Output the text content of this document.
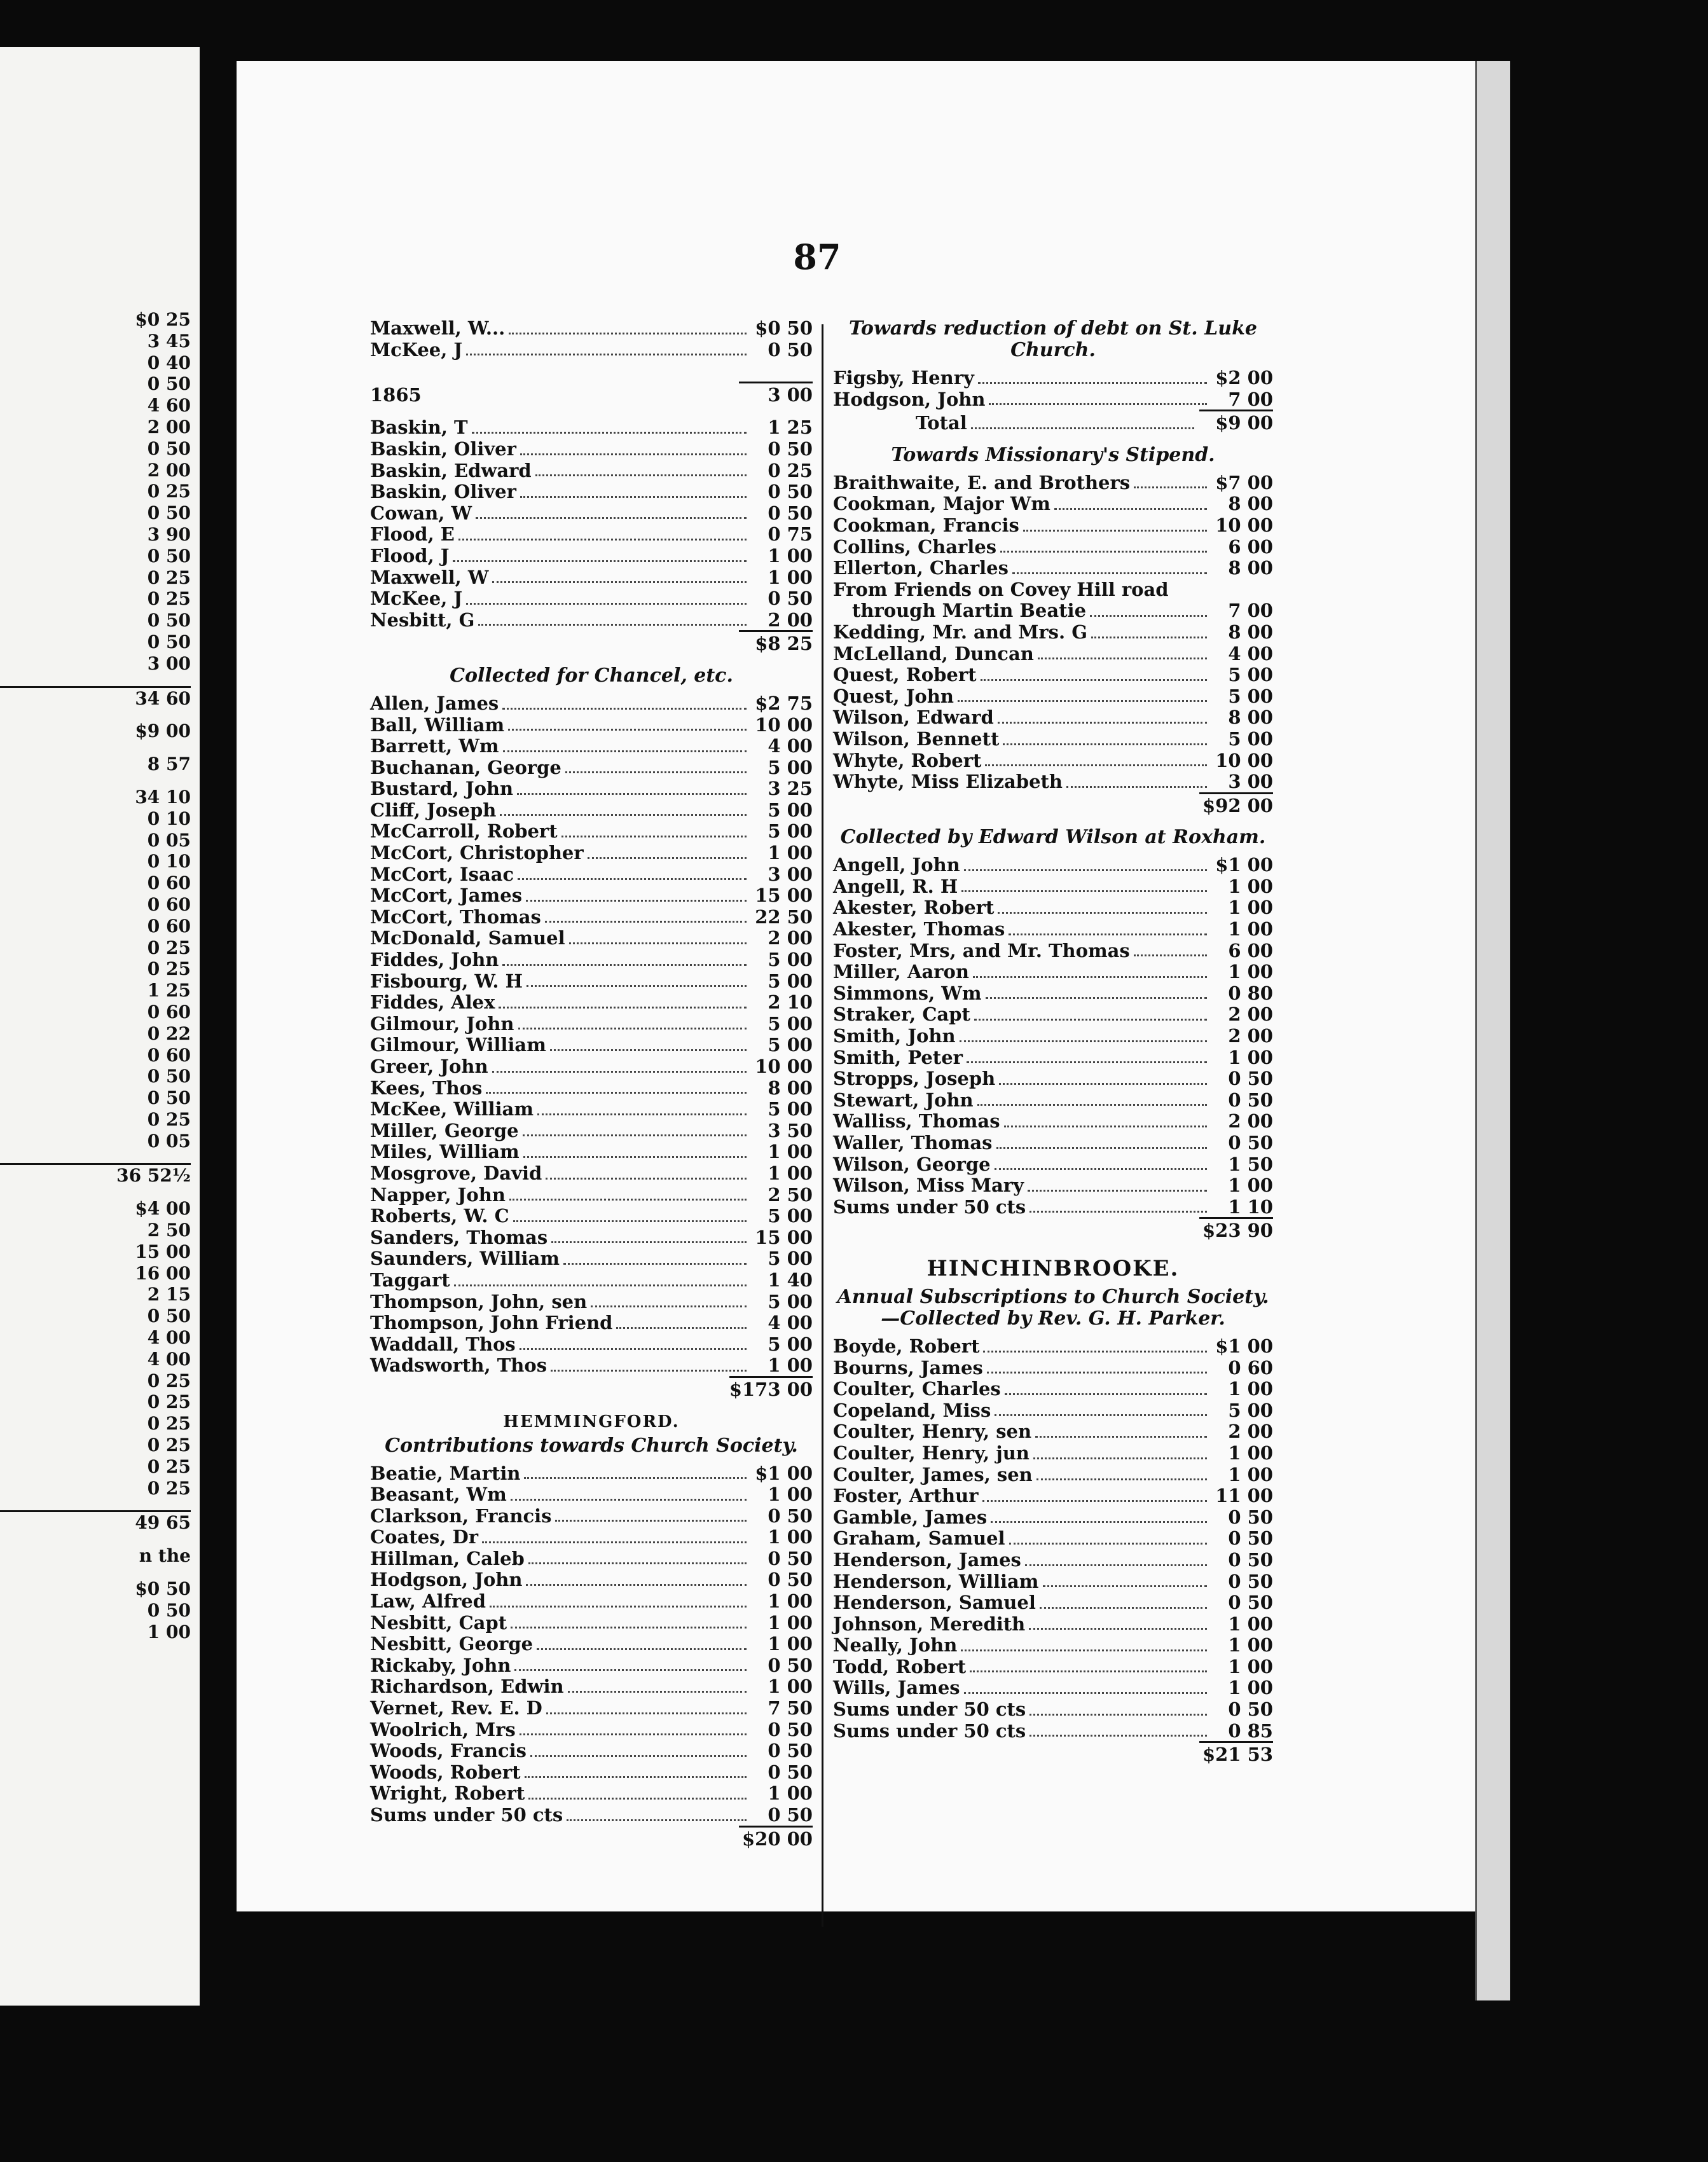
$0 25
3 45
0 40
0 50
4 60
2 00
0 50
2 00
0 25
0 50
3 90
0 50
0 25
0 25
0 50
0 50
3 00
34 60
$9 00
8 57
34 10
0 10
0 05
0 10
0 60
0 60
0 60
0 25
0 25
1 25
0 60
0 22
0 60
0 50
0 50
0 25
0 05
36 52½
$4 00
2 50
15 00
16 00
2 15
0 50
4 00
4 00
0 25
0 25
0 25
0 25
0 25
0 25
49 65
n the
$0 50
0 50
1 00
87
Maxwell, W...	$0 50
McKee, J	0 50
1865	3 00
Baskin, T	1 25
Baskin, Oliver	0 50
Baskin, Edward	0 25
Baskin, Oliver	0 50
Cowan, W	0 50
Flood, E	0 75
Flood, J	1 00
Maxwell, W	1 00
McKee, J	0 50
Nesbitt, G	2 00
$8 25
Collected for Chancel, etc.
Allen, James	$2 75
Ball, William	10 00
Barrett, Wm	4 00
Buchanan, George	5 00
Bustard, John	3 25
Cliff, Joseph	5 00
McCarroll, Robert	5 00
McCort, Christopher	1 00
McCort, Isaac	3 00
McCort, James	15 00
McCort, Thomas	22 50
McDonald, Samuel	2 00
Fiddes, John	5 00
Fisbourg, W. H	5 00
Fiddes, Alex	2 10
Gilmour, John	5 00
Gilmour, William	5 00
Greer, John	10 00
Kees, Thos	8 00
McKee, William	5 00
Miller, George	3 50
Miles, William	1 00
Mosgrove, David	1 00
Napper, John	2 50
Roberts, W. C	5 00
Sanders, Thomas	15 00
Saunders, William	5 00
Taggart	1 40
Thompson, John, sen	5 00
Thompson, John Friend	4 00
Waddall, Thos	5 00
Wadsworth, Thos	1 00
$173 00
HEMMINGFORD.
Contributions towards Church Society.
Beatie, Martin	$1 00
Beasant, Wm	1 00
Clarkson, Francis	0 50
Coates, Dr	1 00
Hillman, Caleb	0 50
Hodgson, John	0 50
Law, Alfred	1 00
Nesbitt, Capt	1 00
Nesbitt, George	1 00
Rickaby, John	0 50
Richardson, Edwin	1 00
Vernet, Rev. E. D	7 50
Woolrich, Mrs	0 50
Woods, Francis	0 50
Woods, Robert	0 50
Wright, Robert	1 00
Sums under 50 cts	0 50
$20 00
Towards reduction of debt on St. Luke Church.
Figsby, Henry	$2 00
Hodgson, John	7 00
Total	$9 00
Towards Missionary's Stipend.
Braithwaite, E. and Brothers	$7 00
Cookman, Major Wm	8 00
Cookman, Francis	10 00
Collins, Charles	6 00
Ellerton, Charles	8 00
From Friends on Covey Hill road
through Martin Beatie	7 00
Kedding, Mr. and Mrs. G	8 00
McLelland, Duncan	4 00
Quest, Robert	5 00
Quest, John	5 00
Wilson, Edward	8 00
Wilson, Bennett	5 00
Whyte, Robert	10 00
Whyte, Miss Elizabeth	3 00
$92 00
Collected by Edward Wilson at Roxham.
Angell, John	$1 00
Angell, R. H	1 00
Akester, Robert	1 00
Akester, Thomas	1 00
Foster, Mrs, and Mr. Thomas	6 00
Miller, Aaron	1 00
Simmons, Wm	0 80
Straker, Capt	2 00
Smith, John	2 00
Smith, Peter	1 00
Stropps, Joseph	0 50
Stewart, John	0 50
Walliss, Thomas	2 00
Waller, Thomas	0 50
Wilson, George	1 50
Wilson, Miss Mary	1 00
Sums under 50 cts	1 10
$23 90
HINCHINBROOKE.
Annual Subscriptions to Church Society.—Collected by Rev. G. H. Parker.
Boyde, Robert	$1 00
Bourns, James	0 60
Coulter, Charles	1 00
Copeland, Miss	5 00
Coulter, Henry, sen	2 00
Coulter, Henry, jun	1 00
Coulter, James, sen	1 00
Foster, Arthur	11 00
Gamble, James	0 50
Graham, Samuel	0 50
Henderson, James	0 50
Henderson, William	0 50
Henderson, Samuel	0 50
Johnson, Meredith	1 00
Neally, John	1 00
Todd, Robert	1 00
Wills, James	1 00
Sums under 50 cts	0 50
Sums under 50 cts	0 85
$21 53
